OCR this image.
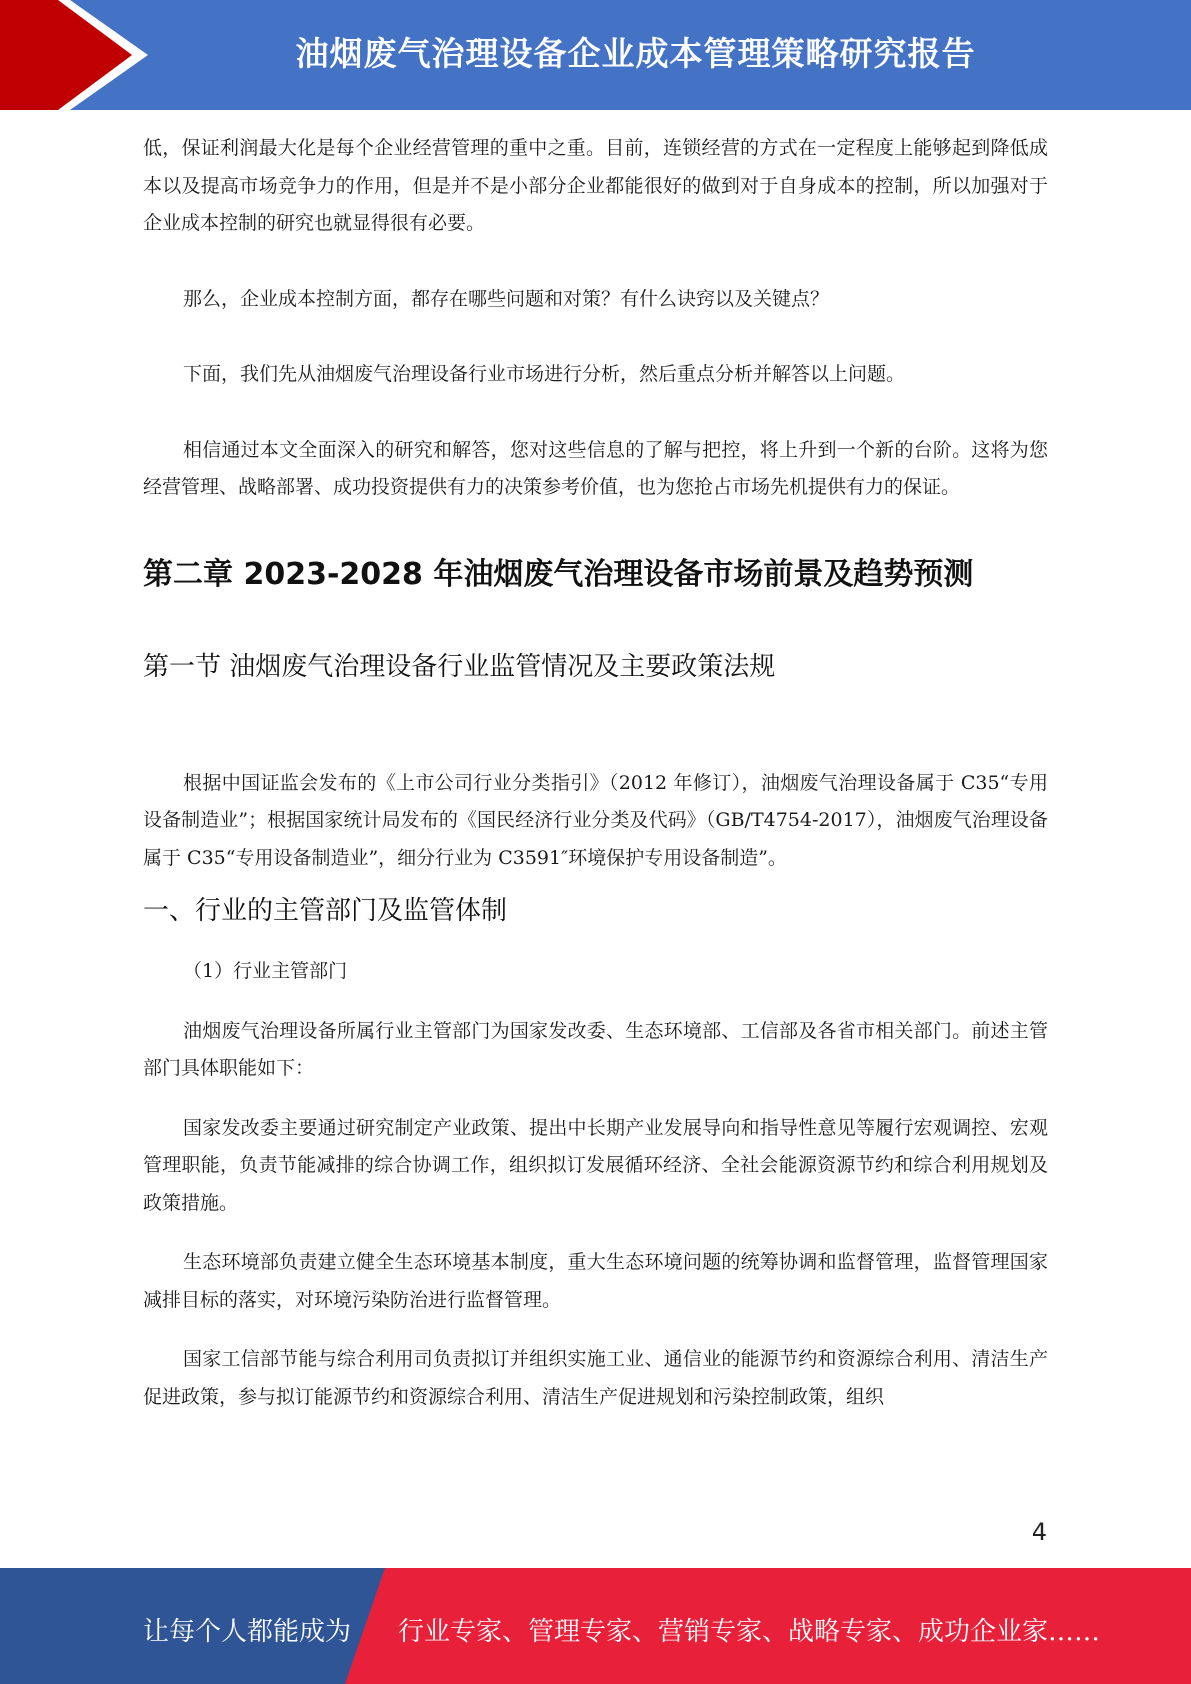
油烟废气治理设备企业成本管理策略研究报告

低，保证利润最大化是每个企业经营管理的重中之重。目前，连锁经营的方式在一定程度上能够起到降低成本以及提高市场竞争力的作用，但是并不是小部分企业都能很好的做到对于自身成本的控制，所以加强对于企业成本控制的研究也就显得很有必要。

那么，企业成本控制方面，都存在哪些问题和对策？有什么诀窍以及关键点？

下面，我们先从油烟废气治理设备行业市场进行分析，然后重点分析并解答以上问题。

相信通过本文全面深入的研究和解答，您对这些信息的了解与把控，将上升到一个新的台阶。这将为您经营管理、战略部署、成功投资提供有力的决策参考价值，也为您抢占市场先机提供有力的保证。

第二章 2023-2028 年油烟废气治理设备市场前景及趋势预测
第一节 油烟废气治理设备行业监管情况及主要政策法规

根据中国证监会发布的《上市公司行业分类指引》（2012 年修订），油烟废气治理设备属于 C35“专用设备制造业”；根据国家统计局发布的《国民经济行业分类及代码》（GB/T4754-2017），油烟废气治理设备属于 C35“专用设备制造业”，细分行业为 C3591″环境保护专用设备制造”。

一、行业的主管部门及监管体制

（1）行业主管部门

油烟废气治理设备所属行业主管部门为国家发改委、生态环境部、工信部及各省市相关部门。前述主管部门具体职能如下：

国家发改委主要通过研究制定产业政策、提出中长期产业发展导向和指导性意见等履行宏观调控、宏观管理职能，负责节能减排的综合协调工作，组织拟订发展循环经济、全社会能源资源节约和综合利用规划及政策措施。

生态环境部负责建立健全生态环境基本制度，重大生态环境问题的统筹协调和监督管理，监督管理国家减排目标的落实，对环境污染防治进行监督管理。

国家工信部节能与综合利用司负责拟订并组织实施工业、通信业的能源节约和资源综合利用、清洁生产促进政策，参与拟订能源节约和资源综合利用、清洁生产促进规划和污染控制政策，组织

4
让每个人都能成为 行业专家、管理专家、营销专家、战略专家、成功企业家……
